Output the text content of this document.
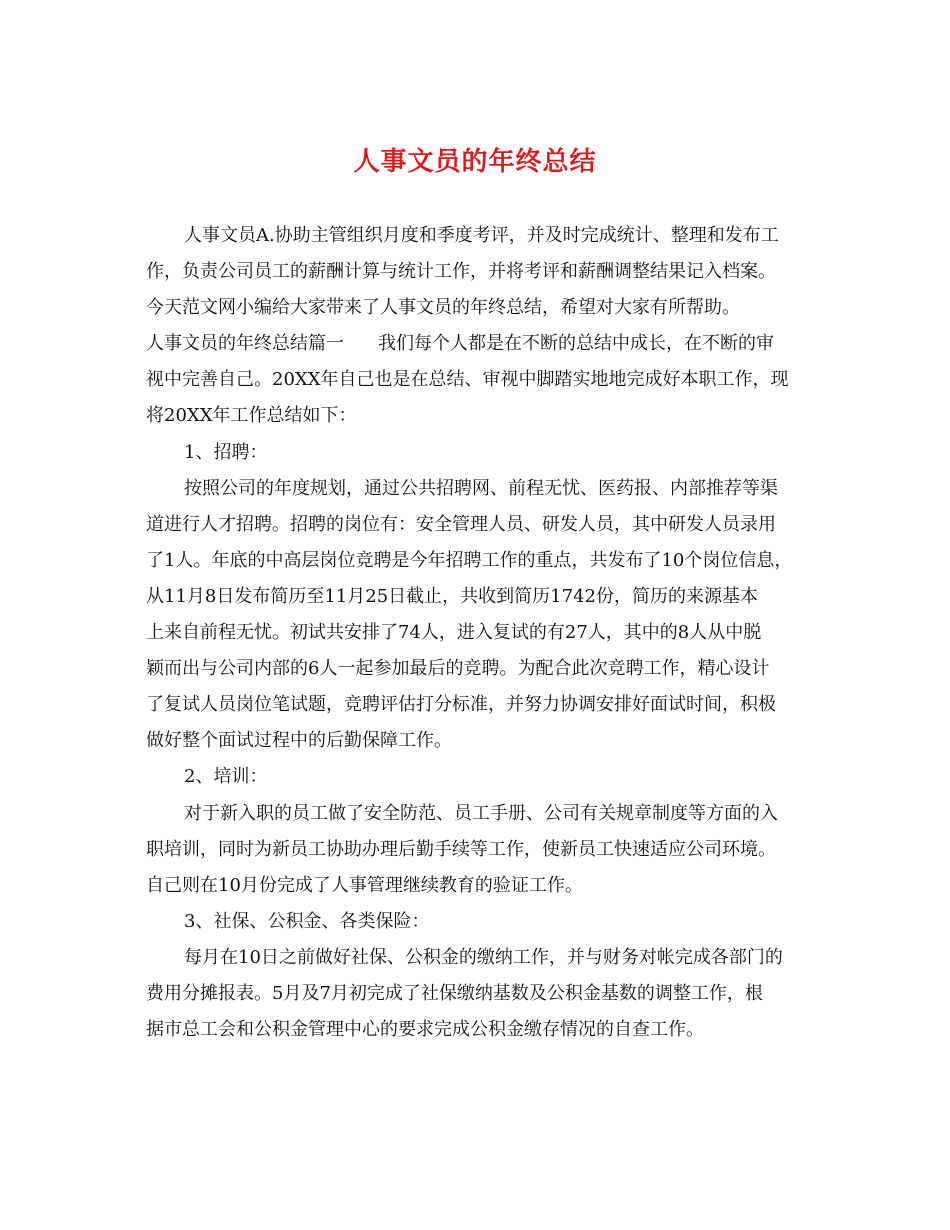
人事文员的年终总结
人事文员A.协助主管组织月度和季度考评，并及时完成统计、整理和发布工
作，负责公司员工的薪酬计算与统计工作，并将考评和薪酬调整结果记入档案。
今天范文网小编给大家带来了人事文员的年终总结，希望对大家有所帮助。
人事文员的年终总结篇一 我们每个人都是在不断的总结中成长，在不断的审
视中完善自己。20XX年自己也是在总结、审视中脚踏实地地完成好本职工作，现
将20XX年工作总结如下：
1、招聘：
按照公司的年度规划，通过公共招聘网、前程无忧、医药报、内部推荐等渠
道进行人才招聘。招聘的岗位有：安全管理人员、研发人员，其中研发人员录用
了1人。年底的中高层岗位竞聘是今年招聘工作的重点，共发布了10个岗位信息，
从11月8日发布简历至11月25日截止，共收到简历1742份，简历的来源基本
上来自前程无忧。初试共安排了74人，进入复试的有27人，其中的8人从中脱
颖而出与公司内部的6人一起参加最后的竞聘。为配合此次竞聘工作，精心设计
了复试人员岗位笔试题，竞聘评估打分标准，并努力协调安排好面试时间，积极
做好整个面试过程中的后勤保障工作。
2、培训：
对于新入职的员工做了安全防范、员工手册、公司有关规章制度等方面的入
职培训，同时为新员工协助办理后勤手续等工作，使新员工快速适应公司环境。
自己则在10月份完成了人事管理继续教育的验证工作。
3、社保、公积金、各类保险：
每月在10日之前做好社保、公积金的缴纳工作，并与财务对帐完成各部门的
费用分摊报表。5月及7月初完成了社保缴纳基数及公积金基数的调整工作，根
据市总工会和公积金管理中心的要求完成公积金缴存情况的自查工作。
